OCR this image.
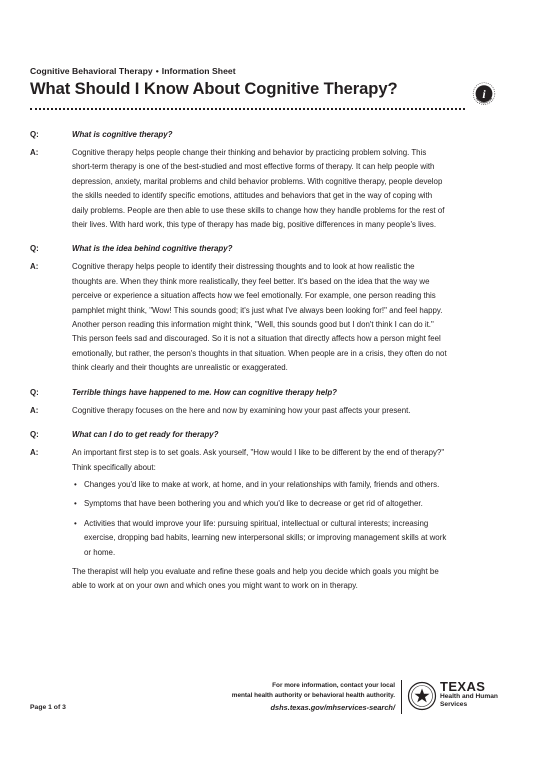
Cognitive Behavioral Therapy • Information Sheet
What Should I Know About Cognitive Therapy?	i
INFORMATION
Q:	What is cognitive therapy?
A:	Cognitive therapy helps people change their thinking and behavior by practicing problem solving. This short-term therapy is one of the best-studied and most effective forms of therapy. It can help people with depression, anxiety, marital problems and child behavior problems. With cognitive therapy, people develop the skills needed to identify specific emotions, attitudes and behaviors that get in the way of coping with daily problems. People are then able to use these skills to change how they handle problems for the rest of their lives. With hard work, this type of therapy has made big, positive differences in many people's lives.
Q:	What is the idea behind cognitive therapy?
A:	Cognitive therapy helps people to identify their distressing thoughts and to look at how realistic the thoughts are. When they think more realistically, they feel better. It's based on the idea that the way we perceive or experience a situation affects how we feel emotionally. For example, one person reading this pamphlet might think, "Wow! This sounds good; it's just what I've always been looking for!" and feel happy. Another person reading this information might think, "Well, this sounds good but I don't think I can do it." This person feels sad and discouraged. So it is not a situation that directly affects how a person might feel emotionally, but rather, the person's thoughts in that situation. When people are in a crisis, they often do not think clearly and their thoughts are unrealistic or exaggerated.
Q:	Terrible things have happened to me. How can cognitive therapy help?
A:	Cognitive therapy focuses on the here and now by examining how your past affects your present.
Q:	What can I do to get ready for therapy?
A:	An important first step is to set goals. Ask yourself, "How would I like to be different by the end of therapy?" Think specifically about:
• Changes you'd like to make at work, at home, and in your relationships with family, friends and others.
• Symptoms that have been bothering you and which you'd like to decrease or get rid of altogether.
• Activities that would improve your life: pursuing spiritual, intellectual or cultural interests; increasing exercise, dropping bad habits, learning new interpersonal skills; or improving management skills at work or home.
The therapist will help you evaluate and refine these goals and help you decide which goals you might be able to work at on your own and which ones you might want to work on in therapy.
For more information, contact your local
mental health authority or behavioral health authority.
dshs.texas.gov/mhservices-search/
Page 1 of 3
TEXAS
Health and Human
Services
